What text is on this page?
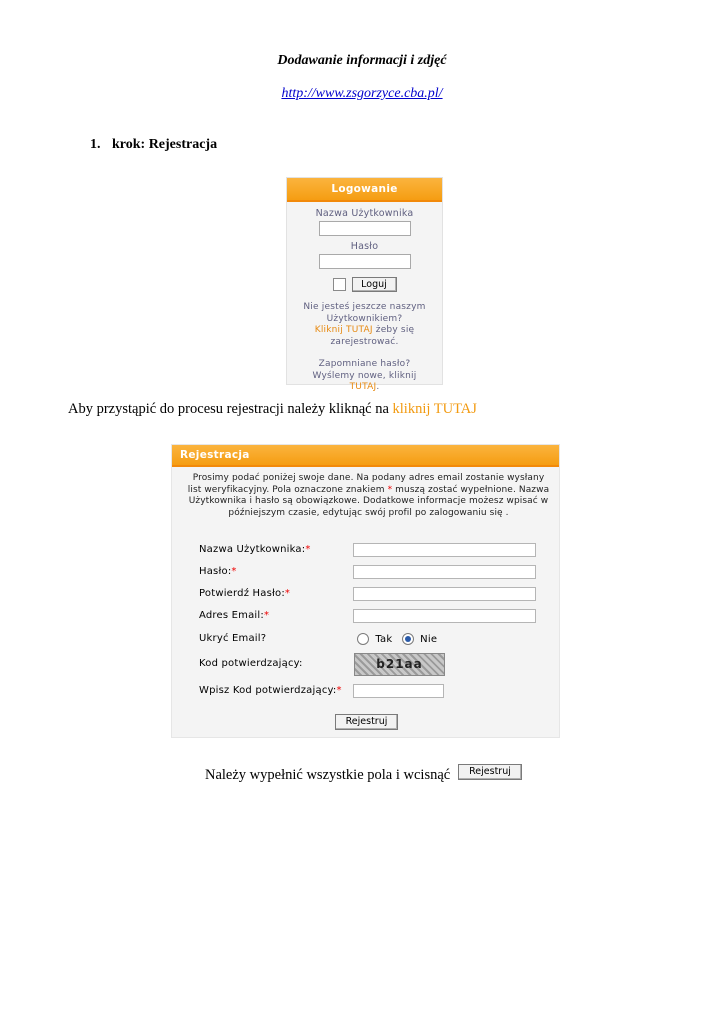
Dodawanie informacji i zdjęć
http://www.zsgorzyce.cba.pl/
1. krok: Rejestracja
Logowanie
Nazwa Użytkownika
Hasło
Loguj
Nie jesteś jeszcze naszym
Użytkownikiem?
Kliknij TUTAJ żeby się
zarejestrować.
Zapomniane hasło?
Wyślemy nowe, kliknij
TUTAJ.
Aby przystąpić do procesu rejestracji należy kliknąć na kliknij TUTAJ
Rejestracja
Prosimy podać poniżej swoje dane. Na podany adres email zostanie wysłany list weryfikacyjny. Pola oznaczone znakiem * muszą zostać wypełnione. Nazwa Użytkownika i hasło są obowiązkowe. Dodatkowe informacje możesz wpisać w późniejszym czasie, edytując swój profil po zalogowaniu się .
Nazwa Użytkownika:*
Hasło:*
Potwierdź Hasło:*
Adres Email:*
Ukryć Email?	Tak	Nie
Kod potwierdzający:	b21aa
Wpisz Kod potwierdzający:*
Rejestruj
Należy wypełnić wszystkie pola i wcisnąć	Rejestruj
